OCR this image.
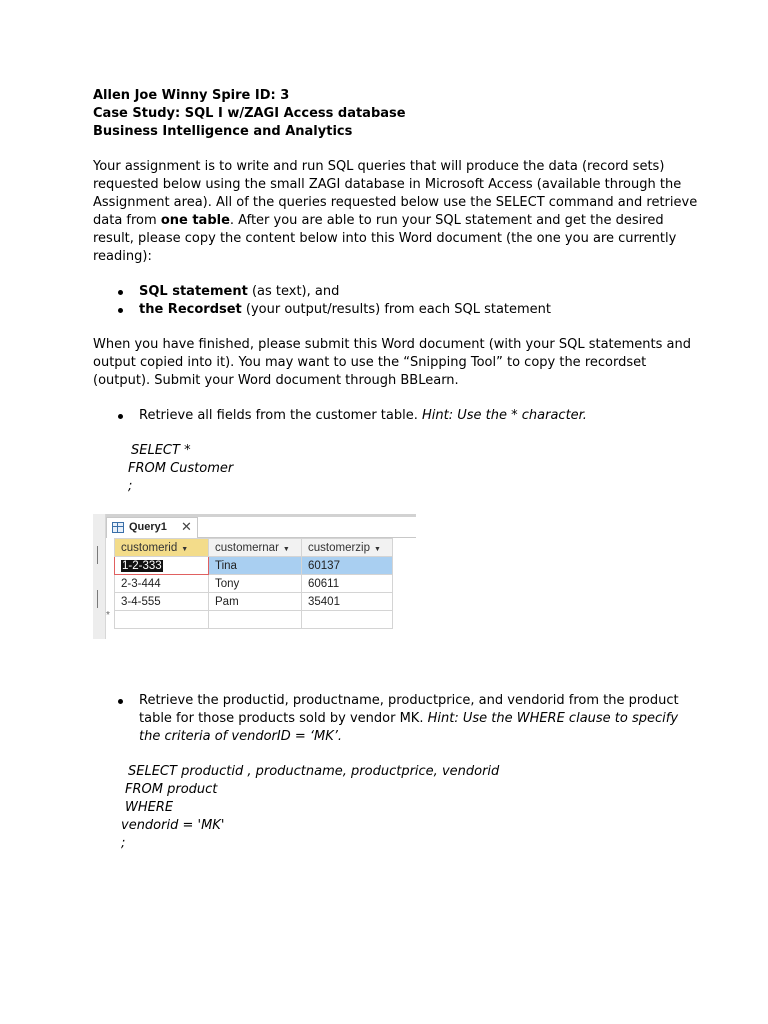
Allen Joe Winny Spire ID: 3
Case Study: SQL I w/ZAGI Access database
Business Intelligence and Analytics
Your assignment is to write and run SQL queries that will produce the data (record sets)
requested below using the small ZAGI database in Microsoft Access (available through the
Assignment area). All of the queries requested below use the SELECT command and retrieve
data from one table. After you are able to run your SQL statement and get the desired
result, please copy the content below into this Word document (the one you are currently
reading):
SQL statement (as text), and
the Recordset (your output/results) from each SQL statement
When you have finished, please submit this Word document (with your SQL statements and
output copied into it). You may want to use the “Snipping Tool” to copy the recordset
(output). Submit your Word document through BBLearn.
Retrieve all fields from the customer table. Hint: Use the * character.
SELECT *
FROM Customer
;
Query1 ✕
*
customerid ▼	customernar ▼	customerzip ▼
1-2-333	Tina	60137
2-3-444	Tony	60611
3-4-555	Pam	35401

Retrieve the productid, productname, productprice, and vendorid from the product
table for those products sold by vendor MK. Hint: Use the WHERE clause to specify
the criteria of vendorID = ‘MK’.
SELECT productid , productname, productprice, vendorid
FROM product
WHERE
vendorid = 'MK'
;
